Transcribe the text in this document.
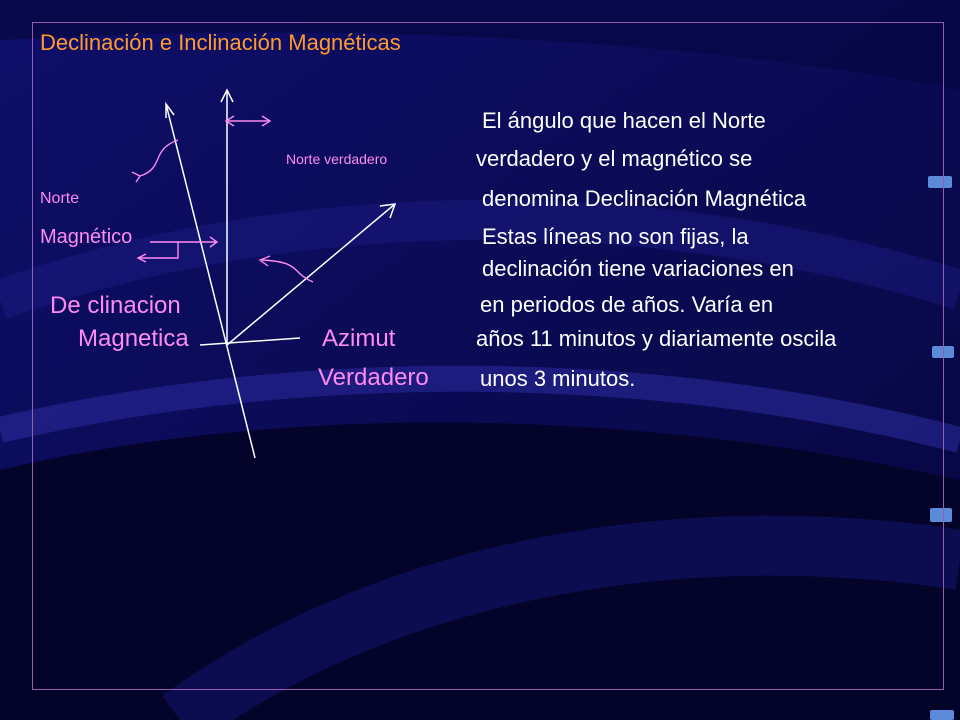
Declinación e Inclinación Magnéticas

Norte verdadero

Norte

Magnético

De clinacion

Magnetica	Azimut

Verdadero

El ángulo que hacen el Norte

verdadero y el magnético se

denomina Declinación Magnética

Estas líneas no son fijas, la

declinación tiene variaciones en

en periodos de años. Varía en

años 11 minutos y diariamente oscila

unos 3 minutos.
